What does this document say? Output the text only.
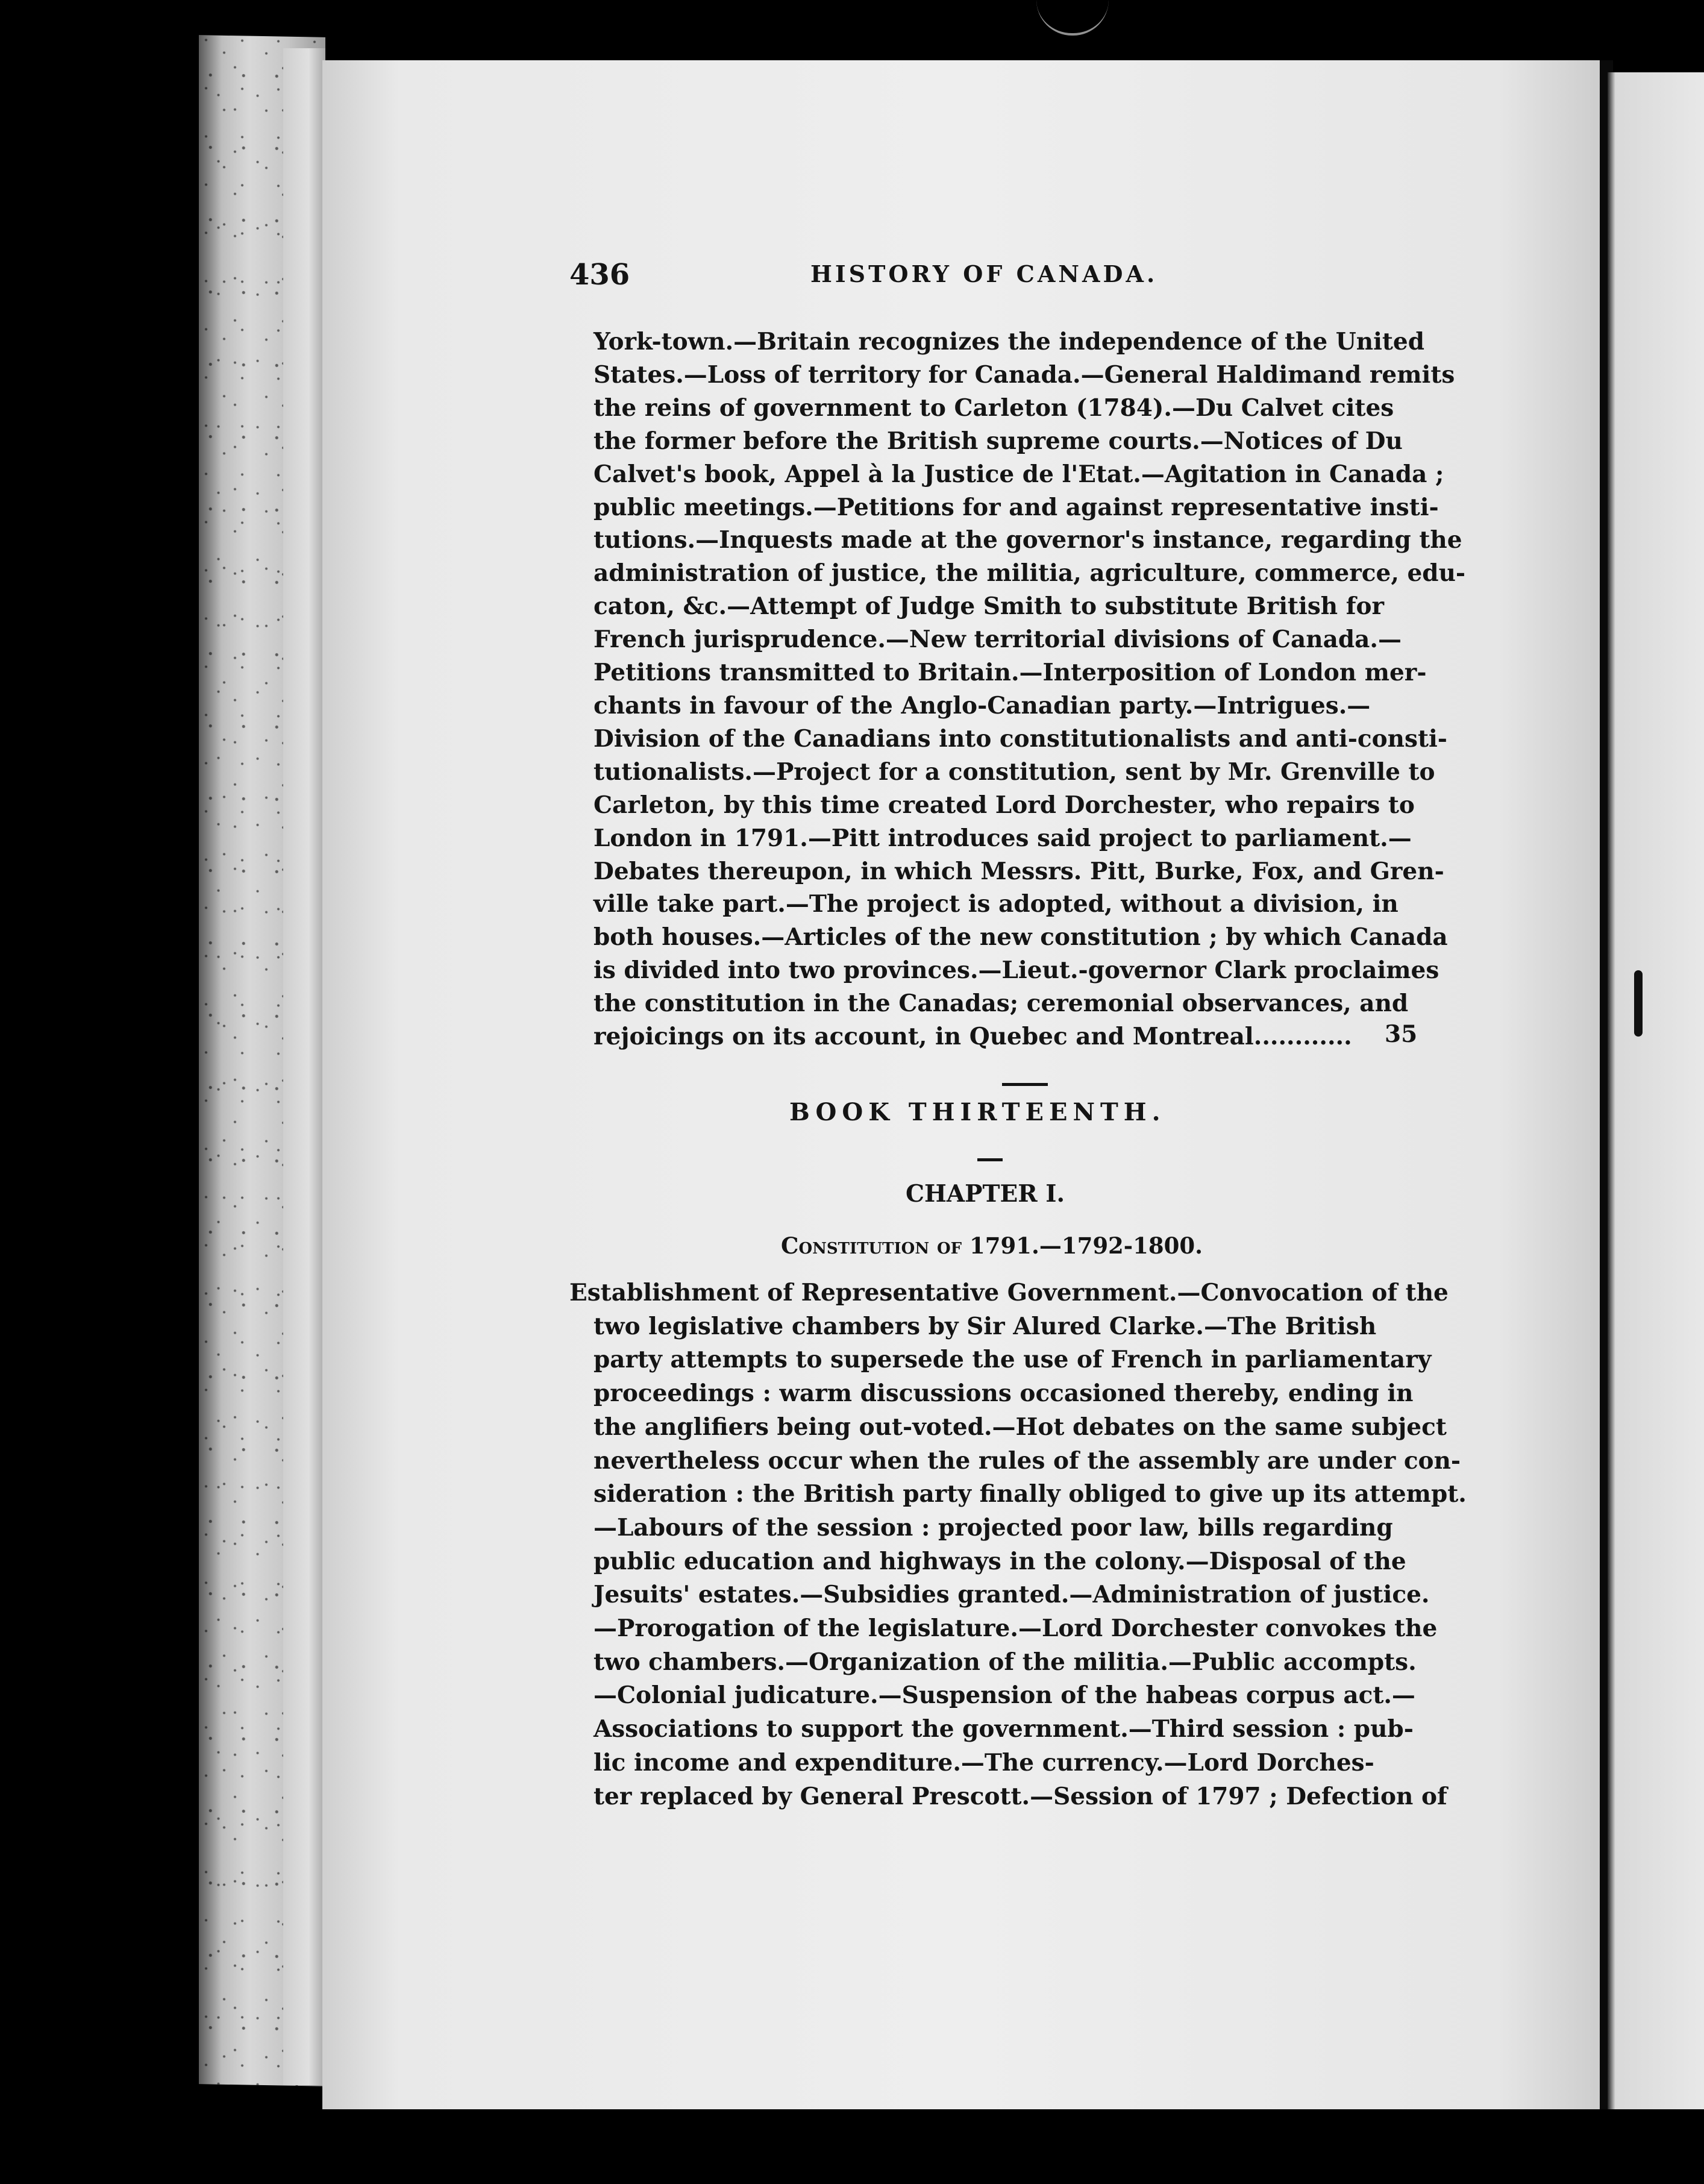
436	HISTORY OF CANADA.
York-town.—Britain recognizes the independence of the United
States.—Loss of territory for Canada.—General Haldimand remits
the reins of government to Carleton (1784).—Du Calvet cites
the former before the British supreme courts.—Notices of Du
Calvet's book, Appel à la Justice de l'Etat.—Agitation in Canada ;
public meetings.—Petitions for and against representative insti-
tutions.—Inquests made at the governor's instance, regarding the
administration of justice, the militia, agriculture, commerce, edu-
caton, &c.—Attempt of Judge Smith to substitute British for
French jurisprudence.—New territorial divisions of Canada.—
Petitions transmitted to Britain.—Interposition of London mer-
chants in favour of the Anglo-Canadian party.—Intrigues.—
Division of the Canadians into constitutionalists and anti-consti-
tutionalists.—Project for a constitution, sent by Mr. Grenville to
Carleton, by this time created Lord Dorchester, who repairs to
London in 1791.—Pitt introduces said project to parliament.—
Debates thereupon, in which Messrs. Pitt, Burke, Fox, and Gren-
ville take part.—The project is adopted, without a division, in
both houses.—Articles of the new constitution ; by which Canada
is divided into two provinces.—Lieut.-governor Clark proclaimes
the constitution in the Canadas; ceremonial observances, and
rejoicings on its account, in Quebec and Montreal............ 35
BOOK THIRTEENTH.
CHAPTER I.
Constitution of 1791.—1792-1800.
Establishment of Representative Government.—Convocation of the
two legislative chambers by Sir Alured Clarke.—The British
party attempts to supersede the use of French in parliamentary
proceedings : warm discussions occasioned thereby, ending in
the anglifiers being out-voted.—Hot debates on the same subject
nevertheless occur when the rules of the assembly are under con-
sideration : the British party finally obliged to give up its attempt.
—Labours of the session : projected poor law, bills regarding
public education and highways in the colony.—Disposal of the
Jesuits' estates.—Subsidies granted.—Administration of justice.
—Prorogation of the legislature.—Lord Dorchester convokes the
two chambers.—Organization of the militia.—Public accompts.
—Colonial judicature.—Suspension of the habeas corpus act.—
Associations to support the government.—Third session : pub-
lic income and expenditure.—The currency.—Lord Dorches-
ter replaced by General Prescott.—Session of 1797 ; Defection of
